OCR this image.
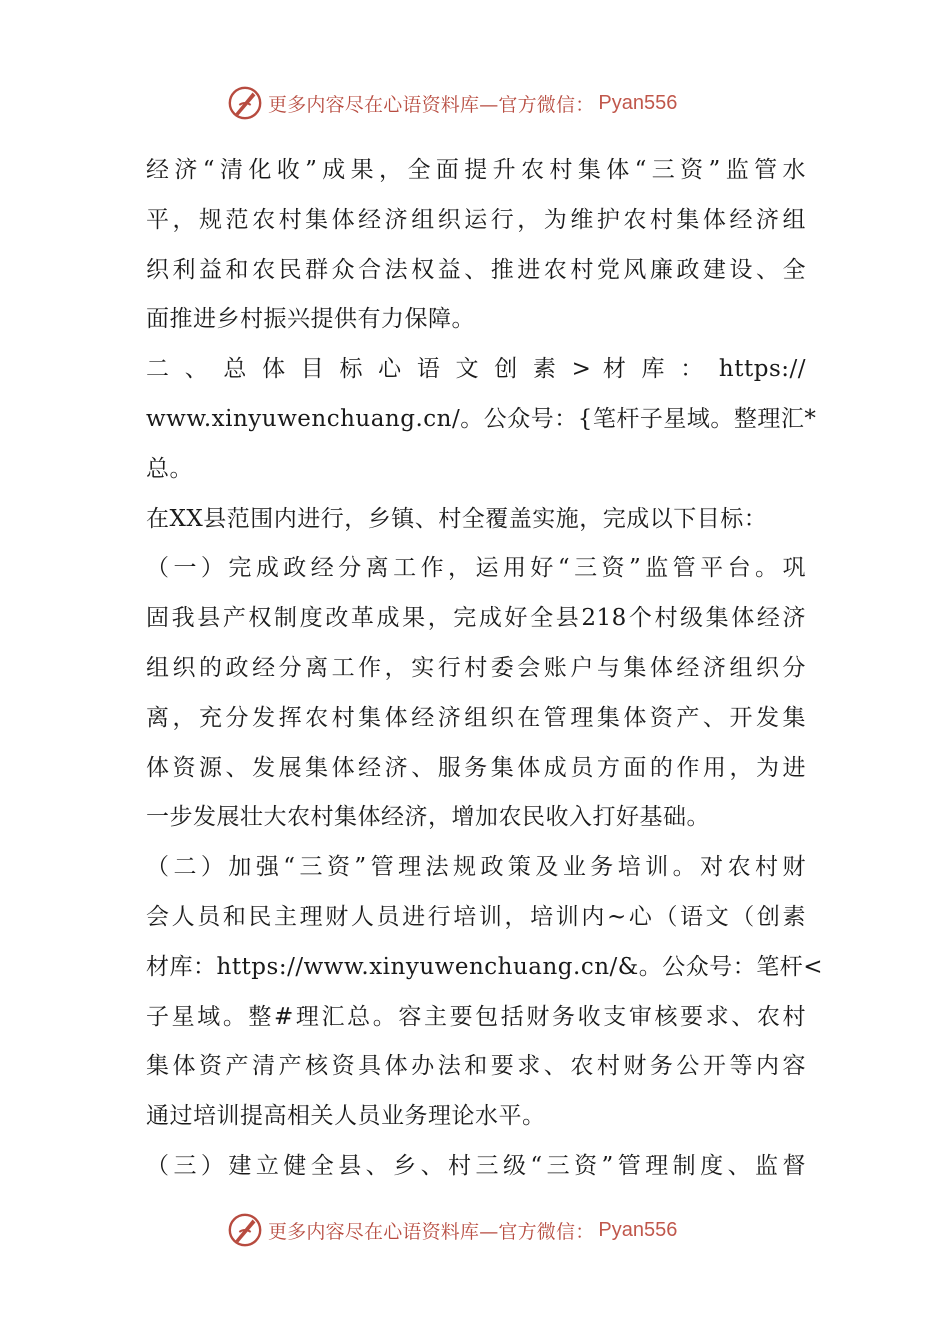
更多内容尽在心语资料库—官方微信： Pyan556
经济“清化收”成果，全面提升农村集体“三资”监管水
平，规范农村集体经济组织运行，为维护农村集体经济组
织利益和农民群众合法权益、推进农村党风廉政建设、全
面推进乡村振兴提供有力保障。
二 、 总 体 目 标 心 语 文 创 素 > 材 库 ： https://
www.xinyuwenchuang.cn/。公众号：{笔杆子星域。整理汇*
总。
在XX县范围内进行，乡镇、村全覆盖实施，完成以下目标：
（一）完成政经分离工作，运用好“三资”监管平台。巩
固我县产权制度改革成果，完成好全县218个村级集体经济
组织的政经分离工作，实行村委会账户与集体经济组织分
离，充分发挥农村集体经济组织在管理集体资产、开发集
体资源、发展集体经济、服务集体成员方面的作用，为进
一步发展壮大农村集体经济，增加农民收入打好基础。
（二）加强“三资”管理法规政策及业务培训。对农村财
会人员和民主理财人员进行培训，培训内~心（语文（创素
材库：https://www.xinyuwenchuang.cn/&。公众号：笔杆<
子星域。整#理汇总。容主要包括财务收支审核要求、农村
集体资产清产核资具体办法和要求、农村财务公开等内容
通过培训提高相关人员业务理论水平。
（三）建立健全县、乡、村三级“三资”管理制度、监督
更多内容尽在心语资料库—官方微信： Pyan556
